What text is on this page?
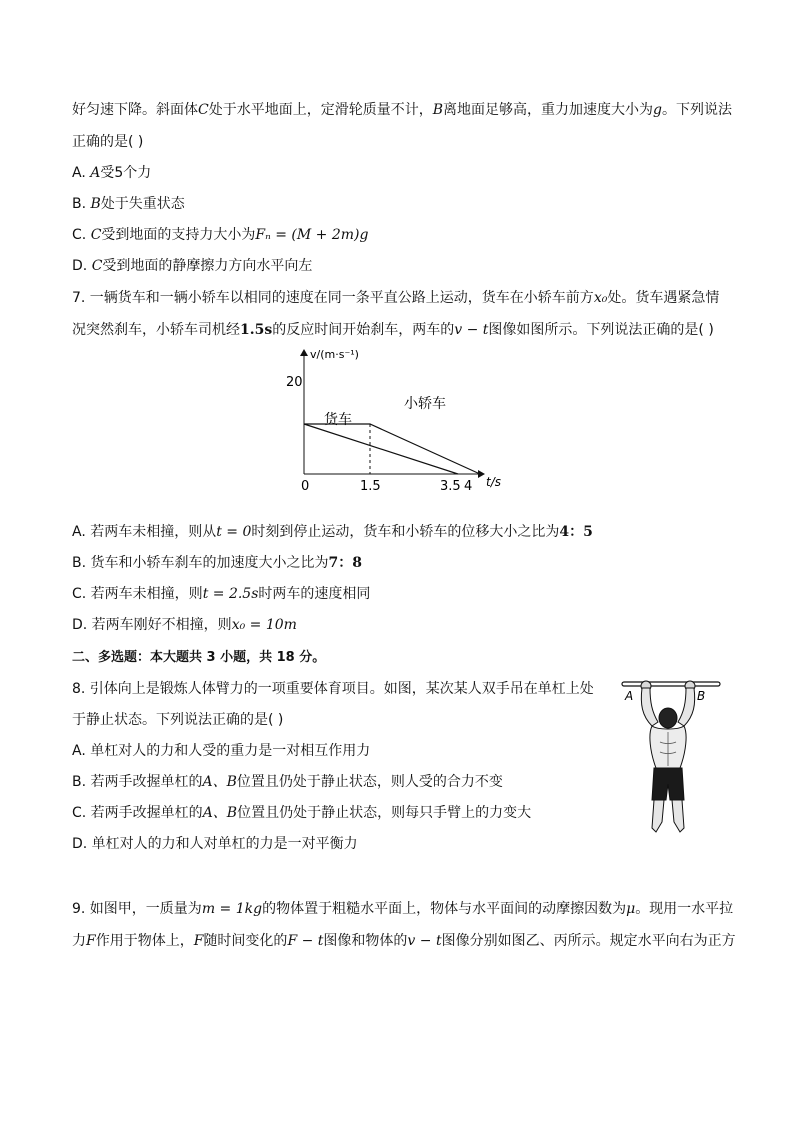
好匀速下降。斜面体C处于水平地面上，定滑轮质量不计，B离地面足够高，重力加速度大小为g。下列说法
正确的是( )
A. A受5个力
B. B处于失重状态
C. C受到地面的支持力大小为Fₙ = (M + 2m)g
D. C受到地面的静摩擦力方向水平向左
7. 一辆货车和一辆小轿车以相同的速度在同一条平直公路上运动，货车在小轿车前方x₀处。货车遇紧急情
况突然刹车，小轿车司机经1.5s的反应时间开始刹车，两车的v − t图像如图所示。下列说法正确的是( )
v/(m·s⁻¹)
t/s
20
0	1.5	3.5 4
货车
小轿车
A. 若两车未相撞，则从t = 0时刻到停止运动，货车和小轿车的位移大小之比为4：5
B. 货车和小轿车刹车的加速度大小之比为7：8
C. 若两车未相撞，则t = 2.5s时两车的速度相同
D. 若两车刚好不相撞，则x₀ = 10m
二、多选题：本大题共 3 小题，共 18 分。
8. 引体向上是锻炼人体臂力的一项重要体育项目。如图，某次某人双手吊在单杠上处
于静止状态。下列说法正确的是( )
A. 单杠对人的力和人受的重力是一对相互作用力
B. 若两手改握单杠的A、B位置且仍处于静止状态，则人受的合力不变
C. 若两手改握单杠的A、B位置且仍处于静止状态，则每只手臂上的力变大
D. 单杠对人的力和人对单杠的力是一对平衡力
A	B
9. 如图甲，一质量为m = 1kg的物体置于粗糙水平面上，物体与水平面间的动摩擦因数为μ。现用一水平拉
力F作用于物体上，F随时间变化的F − t图像和物体的v − t图像分别如图乙、丙所示。规定水平向右为正方
